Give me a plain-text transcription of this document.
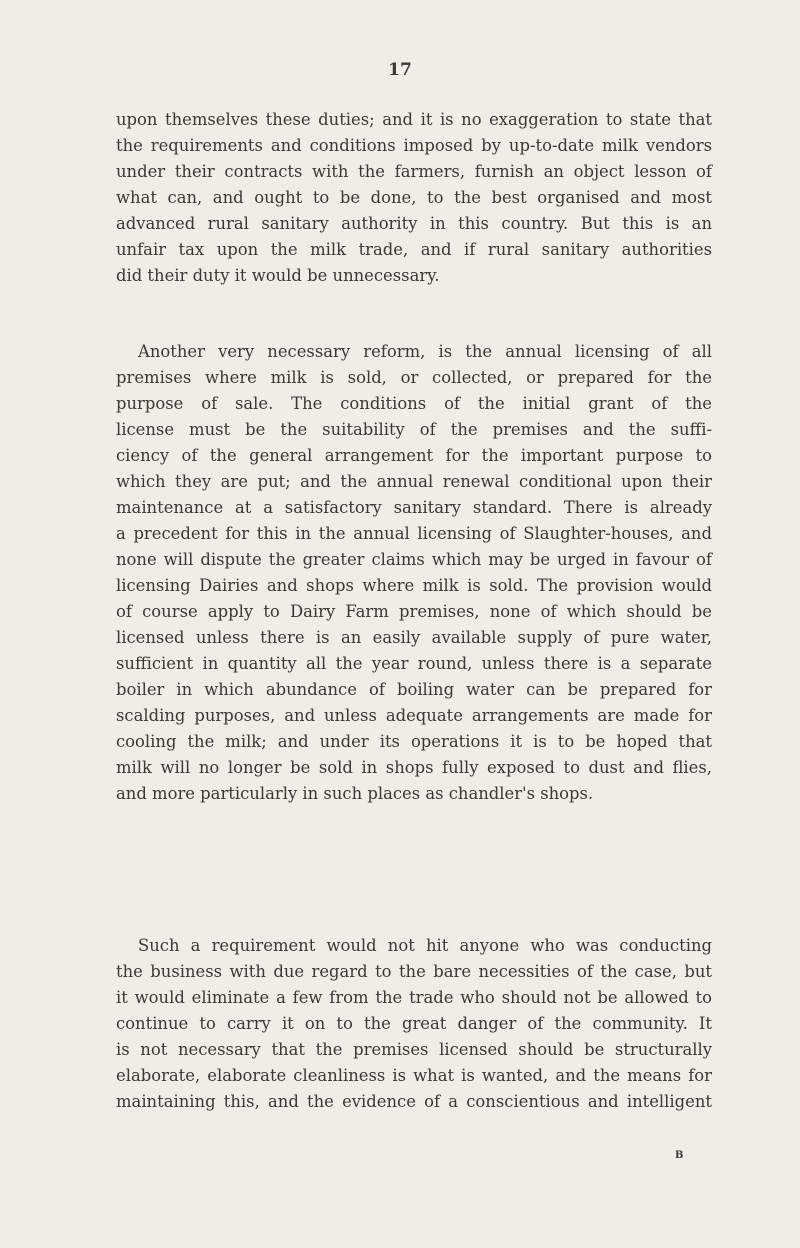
17
upon themselves these duties; and it is no exaggeration to state that
the requirements and conditions imposed by up-to-date milk vendors
under their contracts with the farmers, furnish an object lesson of
what can, and ought to be done, to the best organised and most
advanced rural sanitary authority in this country. But this is an
unfair tax upon the milk trade, and if rural sanitary authorities
did their duty it would be unnecessary.
Another very necessary reform, is the annual licensing of all
premises where milk is sold, or collected, or prepared for the
purpose of sale. The conditions of the initial grant of the
license must be the suitability of the premises and the suffi-
ciency of the general arrangement for the important purpose to
which they are put; and the annual renewal conditional upon their
maintenance at a satisfactory sanitary standard. There is already
a precedent for this in the annual licensing of Slaughter-houses, and
none will dispute the greater claims which may be urged in favour of
licensing Dairies and shops where milk is sold. The provision would
of course apply to Dairy Farm premises, none of which should be
licensed unless there is an easily available supply of pure water,
sufficient in quantity all the year round, unless there is a separate
boiler in which abundance of boiling water can be prepared for
scalding purposes, and unless adequate arrangements are made for
cooling the milk; and under its operations it is to be hoped that
milk will no longer be sold in shops fully exposed to dust and flies,
and more particularly in such places as chandler's shops.
Such a requirement would not hit anyone who was conducting
the business with due regard to the bare necessities of the case, but
it would eliminate a few from the trade who should not be allowed to
continue to carry it on to the great danger of the community. It
is not necessary that the premises licensed should be structurally
elaborate, elaborate cleanliness is what is wanted, and the means for
maintaining this, and the evidence of a conscientious and intelligent
B
